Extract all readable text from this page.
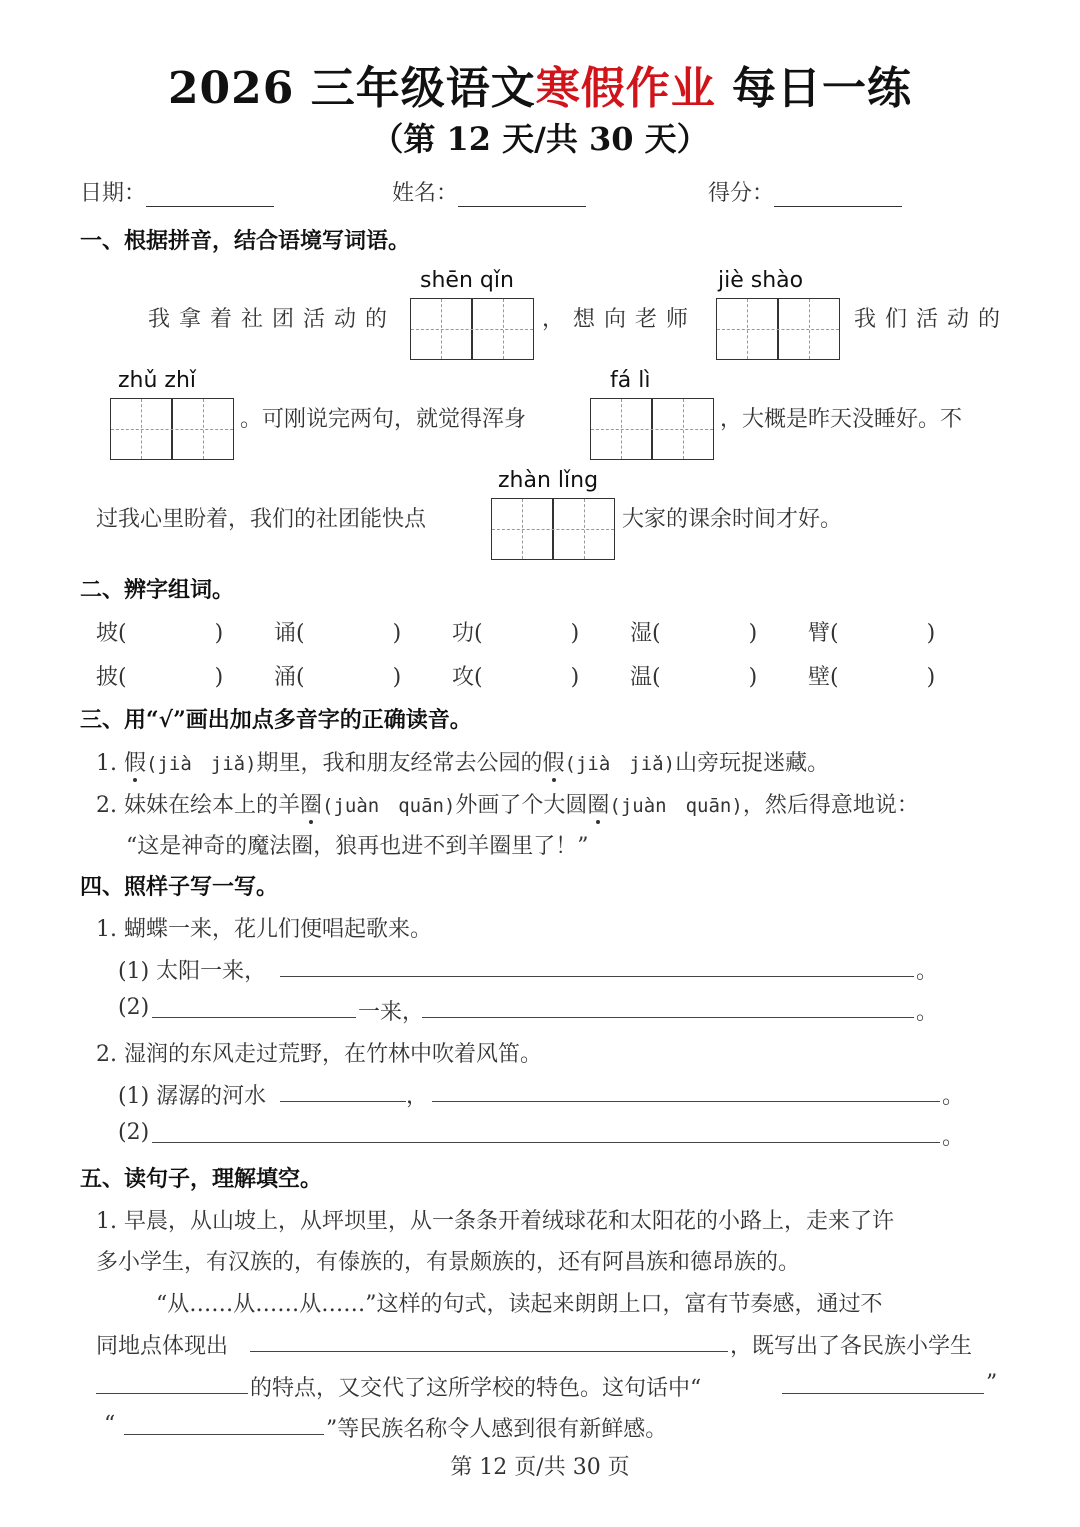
2026 三年级语文寒假作业 每日一练
（第 12 天/共 30 天）
日期：	姓名：	得分：
一、根据拼音，结合语境写词语。
shēn qǐn	jiè shào
我拿着社团活动的	，想向老师	我们活动的
zhǔ zhǐ	fá lì
。可刚说完两句，就觉得浑身	，大概是昨天没睡好。不
zhàn lǐng
过我心里盼着，我们的社团能快点	大家的课余时间才好。
二、辨字组词。
坡(　　　　) 诵(　　　　) 功(　　　　) 湿(　　　　) 臂(　　　　)
披(　　　　) 涌(　　　　) 攻(　　　　) 温(　　　　) 壁(　　　　)
三、用“√”画出加点多音字的正确读音。
1. 假(jià　jiǎ)期里，我和朋友经常去公园的假(jià　jiǎ)山旁玩捉迷藏。
2. 妹妹在绘本上的羊圈(juàn　quān)外画了个大圆圈(juàn　quān)，然后得意地说：
“这是神奇的魔法圈，狼再也进不到羊圈里了！”
四、照样子写一写。
1. 蝴蝶一来，花儿们便唱起歌来。
(1) 太阳一来，	。
(2)	一来，	。
2. 湿润的东风走过荒野，在竹林中吹着风笛。
(1) 潺潺的河水	，	。
(2)	。
五、读句子，理解填空。
1. 早晨，从山坡上，从坪坝里，从一条条开着绒球花和太阳花的小路上，走来了许
多小学生，有汉族的，有傣族的，有景颇族的，还有阿昌族和德昂族的。
“从……从……从……”这样的句式，读起来朗朗上口，富有节奏感，通过不
同地点体现出	，既写出了各民族小学生
的特点，又交代了这所学校的特色。这句话中“	”
“	”等民族名称令人感到很有新鲜感。
第 12 页/共 30 页
